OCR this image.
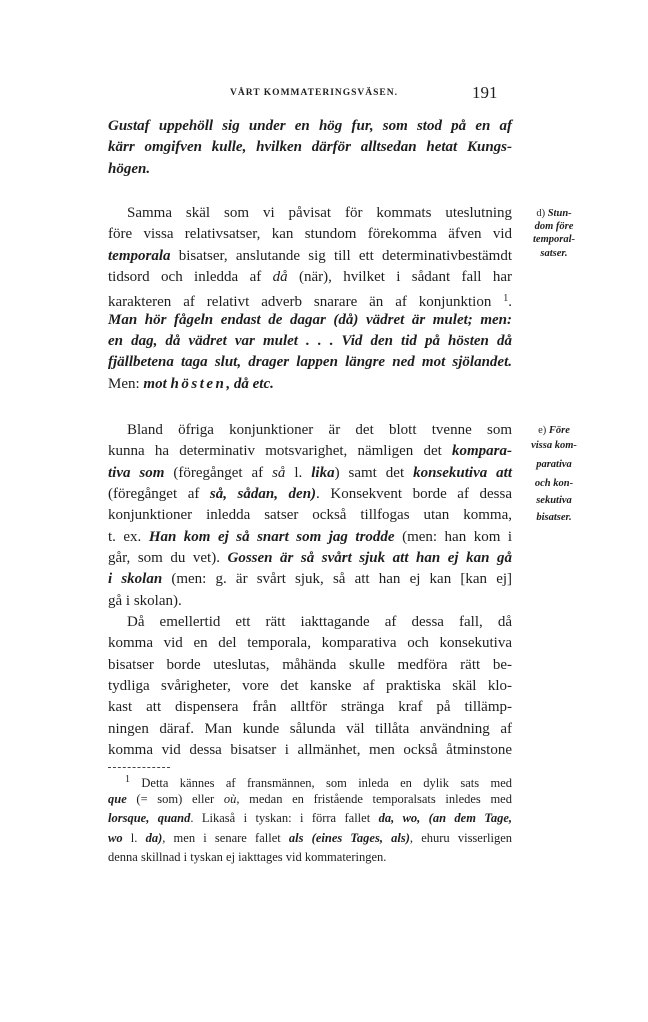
VÅRT KOMMATERINGSVÄSEN.	191
Gustaf uppehöll sig under en hög fur, som stod på en af
kärr omgifven kulle, hvilken därför alltsedan hetat Kungs-
högen.
Samma skäl som vi påvisat för kommats uteslutning
före vissa relativsatser, kan stundom förekomma äfven vid
temporala bisatser, anslutande sig till ett determinativbestämdt
tidsord och inledda af då (när), hvilket i sådant fall har
karakteren af relativt adverb snarare än af konjunktion $^1$.
Man hör fågeln endast de dagar (då) vädret är mulet; men:
en dag, då vädret var mulet . . . Vid den tid på hösten då
fjällbetena taga slut, drager lappen längre ned mot sjölandet.
Men: mot hösten, då etc.
Bland öfriga konjunktioner är det blott tvenne som
kunna ha determinativ motsvarighet, nämligen det kompara-
tiva som (föregånget af så l. lika) samt det konsekutiva att
(föregånget af så, sådan, den). Konsekvent borde af dessa
konjunktioner inledda satser också tillfogas utan komma,
t. ex. Han kom ej så snart som jag trodde (men: han kom i
går, som du vet). Gossen är så svårt sjuk att han ej kan gå
i skolan (men: g. är svårt sjuk, så att han ej kan [kan ej]
gå i skolan).
Då emellertid ett rätt iakttagande af dessa fall, då
komma vid en del temporala, komparativa och konsekutiva
bisatser borde uteslutas, måhända skulle medföra rätt be-
tydliga svårigheter, vore det kanske af praktiska skäl klo-
kast att dispensera från alltför stränga kraf på tillämp-
ningen däraf. Man kunde sålunda väl tillåta användning af
komma vid dessa bisatser i allmänhet, men också åtminstone
d) Stun-
dom före
temporal-
satser.
e) Före
vissa kom-
parativa
och kon-
sekutiva
bisatser.
$^1$ Detta kännes af fransmännen, som inleda en dylik sats med
que (= som) eller où, medan en fristående temporalsats inledes med
lorsque, quand. Likaså i tyskan: i förra fallet da, wo, (an dem Tage,
wo l. da), men i senare fallet als (eines Tages, als), ehuru visserligen
denna skillnad i tyskan ej iakttages vid kommateringen.
